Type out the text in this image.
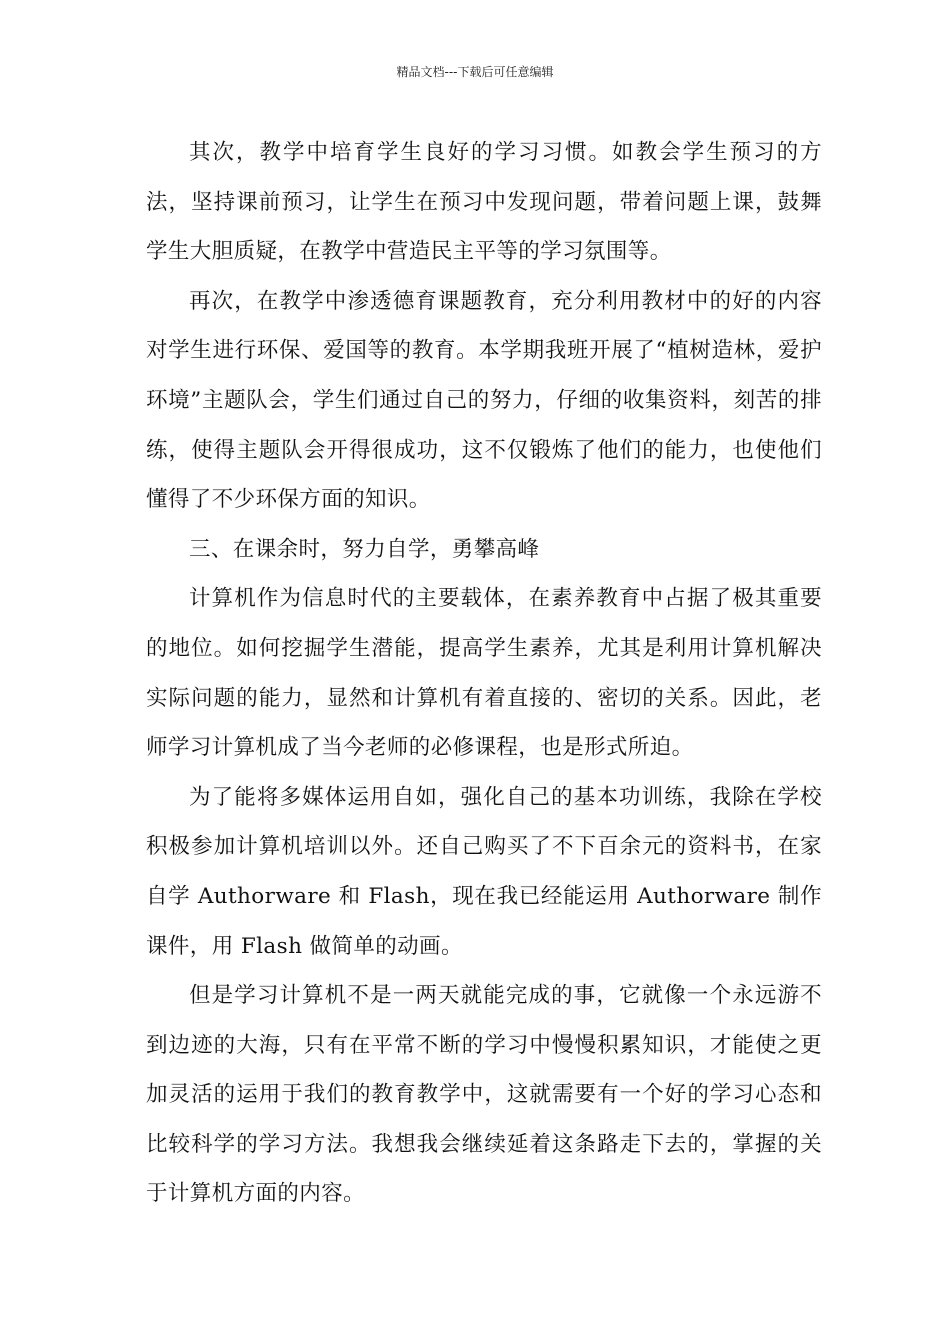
精品文档---下载后可任意编辑

其次，教学中培育学生良好的学习习惯。如教会学生预习的方法，坚持课前预习，让学生在预习中发现问题，带着问题上课，鼓舞学生大胆质疑，在教学中营造民主平等的学习氛围等。

再次，在教学中渗透德育课题教育，充分利用教材中的好的内容对学生进行环保、爱国等的教育。本学期我班开展了“植树造林，爱护环境”主题队会，学生们通过自己的努力，仔细的收集资料，刻苦的排练，使得主题队会开得很成功，这不仅锻炼了他们的能力，也使他们懂得了不少环保方面的知识。

三、在课余时，努力自学，勇攀高峰

计算机作为信息时代的主要载体，在素养教育中占据了极其重要的地位。如何挖掘学生潜能，提高学生素养，尤其是利用计算机解决实际问题的能力，显然和计算机有着直接的、密切的关系。因此，老师学习计算机成了当今老师的必修课程，也是形式所迫。

为了能将多媒体运用自如，强化自己的基本功训练，我除在学校积极参加计算机培训以外。还自己购买了不下百余元的资料书，在家自学 Authorware 和 Flash，现在我已经能运用 Authorware 制作课件，用 Flash 做简单的动画。

但是学习计算机不是一两天就能完成的事，它就像一个永远游不到边迹的大海，只有在平常不断的学习中慢慢积累知识，才能使之更加灵活的运用于我们的教育教学中，这就需要有一个好的学习心态和比较科学的学习方法。我想我会继续延着这条路走下去的，掌握的关于计算机方面的内容。
